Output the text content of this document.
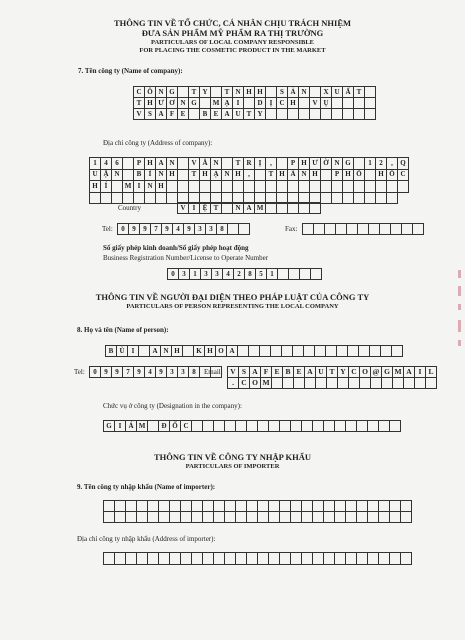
THÔNG TIN VỀ TỔ CHỨC, CÁ NHÂN CHỊU TRÁCH NHIỆM
ĐƯA SẢN PHẨM MỸ PHẨM RA THỊ TRƯỜNG
PARTICULARS OF LOCAL COMPANY RESPONSIBLE
FOR PLACING THE COSMETIC PRODUCT IN THE MARKET
7. Tên công ty (Name of company):
C Ô N G	T Y	T N H H	S Ả N	X U Ấ T
T H Ư Ơ N G	M Ạ	I	D	Ị	C H	V Ụ
V S A F E	B E A U T Y
Địa chỉ công ty (Address of company):
1	4	6	P H A N	V Ă N	T R	Ị	,	P H Ư Ờ N G	1	2	,	Q
U Ậ N	B	Ì	N H	T H Ạ N H	,	T H À N H	P H Ố	H Ồ C
H Í	M I	N H
Country	V	I	Ệ T	N A M
Tel:	0	9	9	7	9	4	9	3	3	8	Fax:
Số giấy phép kinh doanh/Số giấy phép hoạt động
Business Registration Number/License to Operate Number
0	3	1	3	3	4	2	8	5	1
THÔNG TIN VỀ NGƯỜI ĐẠI DIỆN THEO PHÁP LUẬT CỦA CÔNG TY
PARTICULARS OF PERSON REPRESENTING THE LOCAL COMPANY
8. Họ và tên (Name of person):
B Ù	I	A N H	K H O A
Tel:	0	9	9	7	9	4	9	3	3	8	Email:	V S A F E B E A U T Y C O @ G M A I L
. C O M
Chức vụ ở công ty (Designation in the company):
G I	Á M	Đ Ố C
THÔNG TIN VỀ CÔNG TY NHẬP KHẨU
PARTICULARS OF IMPORTER
9. Tên công ty nhập khẩu (Name of importer):
Địa chỉ công ty nhập khẩu (Address of importer):
